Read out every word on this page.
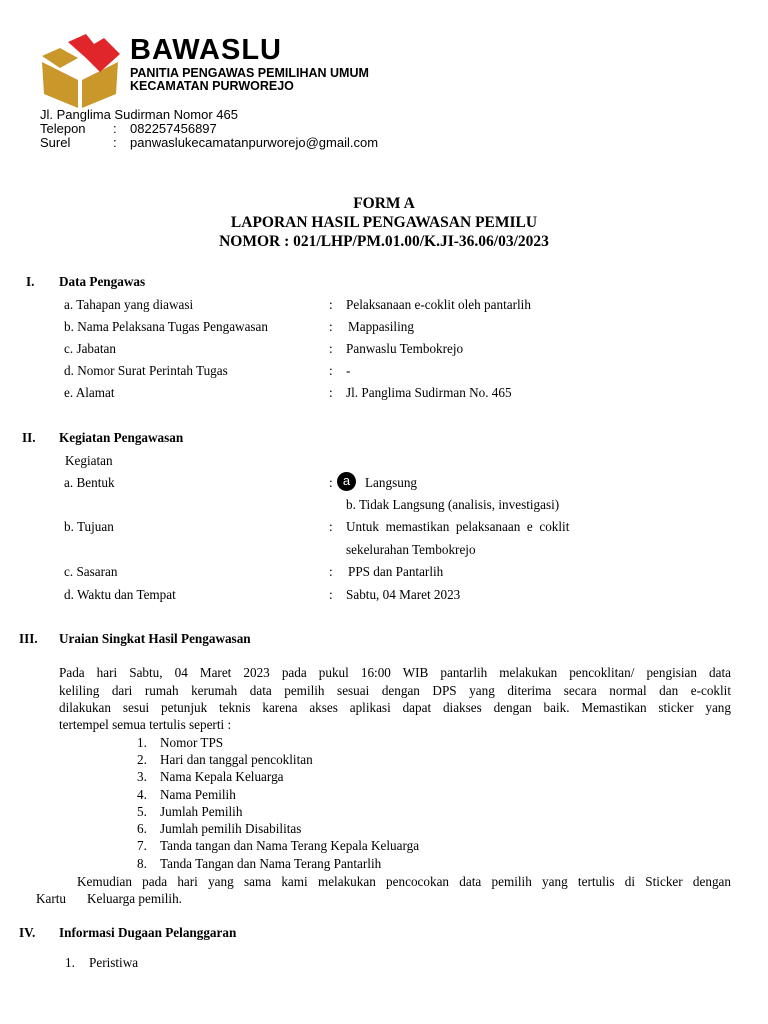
BAWASLU
PANITIA PENGAWAS PEMILIHAN UMUM
KECAMATAN PURWOREJO
Jl. Panglima Sudirman Nomor 465
Telepon : 082257456897
Surel	: panwaslukecamatanpurworejo@gmail.com
FORM A
LAPORAN HASIL PENGAWASAN PEMILU
NOMOR : 021/LHP/PM.01.00/K.JI-36.06/03/2023
I. Data Pengawas
a. Tahapan yang diawasi	: Pelaksanaan e-coklit oleh pantarlih
b. Nama Pelaksana Tugas Pengawasan	: Mappasiling
c. Jabatan	: Panwaslu Tembokrejo
d. Nomor Surat Perintah Tugas	: -
e. Alamat	: Jl. Panglima Sudirman No. 465
II. Kegiatan Pengawasan
Kegiatan
a. Bentuk	: a	Langsung
b. Tidak Langsung (analisis, investigasi)
b. Tujuan	: Untuk  memastikan  pelaksanaan  e  coklit
sekelurahan Tembokrejo
c. Sasaran	: PPS dan Pantarlih
d. Waktu dan Tempat	: Sabtu, 04 Maret 2023
III. Uraian Singkat Hasil Pengawasan
Pada hari Sabtu, 04 Maret 2023 pada pukul 16:00 WIB pantarlih melakukan pencoklitan/ pengisian data
keliling dari rumah kerumah data pemilih sesuai dengan DPS yang diterima secara normal dan e-coklit
dilakukan sesui petunjuk teknis karena akses aplikasi dapat diakses dengan baik. Memastikan sticker yang
tertempel semua tertulis seperti :
1. Nomor TPS
2. Hari dan tanggal pencoklitan
3. Nama Kepala Keluarga
4. Nama Pemilih
5. Jumlah Pemilih
6. Jumlah pemilih Disabilitas
7. Tanda tangan dan Nama Terang Kepala Keluarga
8. Tanda Tangan dan Nama Terang Pantarlih
Kemudian pada hari yang sama kami melakukan pencocokan data pemilih yang tertulis di Sticker dengan
Kartu Keluarga pemilih.
IV. Informasi Dugaan Pelanggaran
1. Peristiwa
